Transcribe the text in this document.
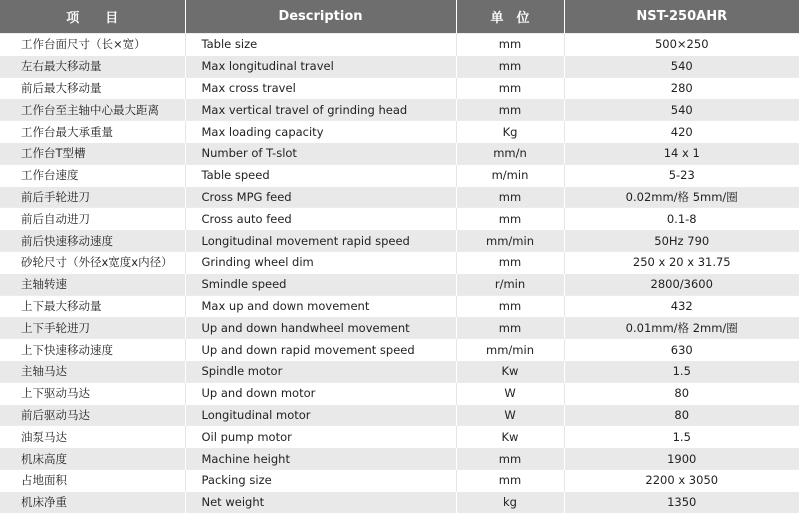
项　　目	Description	单　位	NST-250AHR
工作台面尺寸（长×宽）	Table size	mm	500×250
左右最大移动量	Max longitudinal travel	mm	540
前后最大移动量	Max cross travel	mm	280
工作台至主轴中心最大距离	Max vertical travel of grinding head	mm	540
工作台最大承重量	Max loading capacity	Kg	420
工作台T型槽	Number of T-slot	mm/n	14 x 1
工作台速度	Table speed	m/min	5-23
前后手轮进刀	Cross MPG feed	mm	0.02mm/格 5mm/圈
前后自动进刀	Cross auto feed	mm	0.1-8
前后快速移动速度	Longitudinal movement rapid speed	mm/min	50Hz 790
砂轮尺寸（外径x宽度x内径）	Grinding wheel dim	mm	250 x 20 x 31.75
主轴转速	Smindle speed	r/min	2800/3600
上下最大移动量	Max up and down movement	mm	432
上下手轮进刀	Up and down handwheel movement	mm	0.01mm/格 2mm/圈
上下快速移动速度	Up and down rapid movement speed	mm/min	630
主轴马达	Spindle motor	Kw	1.5
上下驱动马达	Up and down motor	W	80
前后驱动马达	Longitudinal motor	W	80
油泵马达	Oil pump motor	Kw	1.5
机床高度	Machine height	mm	1900
占地面积	Packing size	mm	2200 x 3050
机床净重	Net weight	kg	1350
